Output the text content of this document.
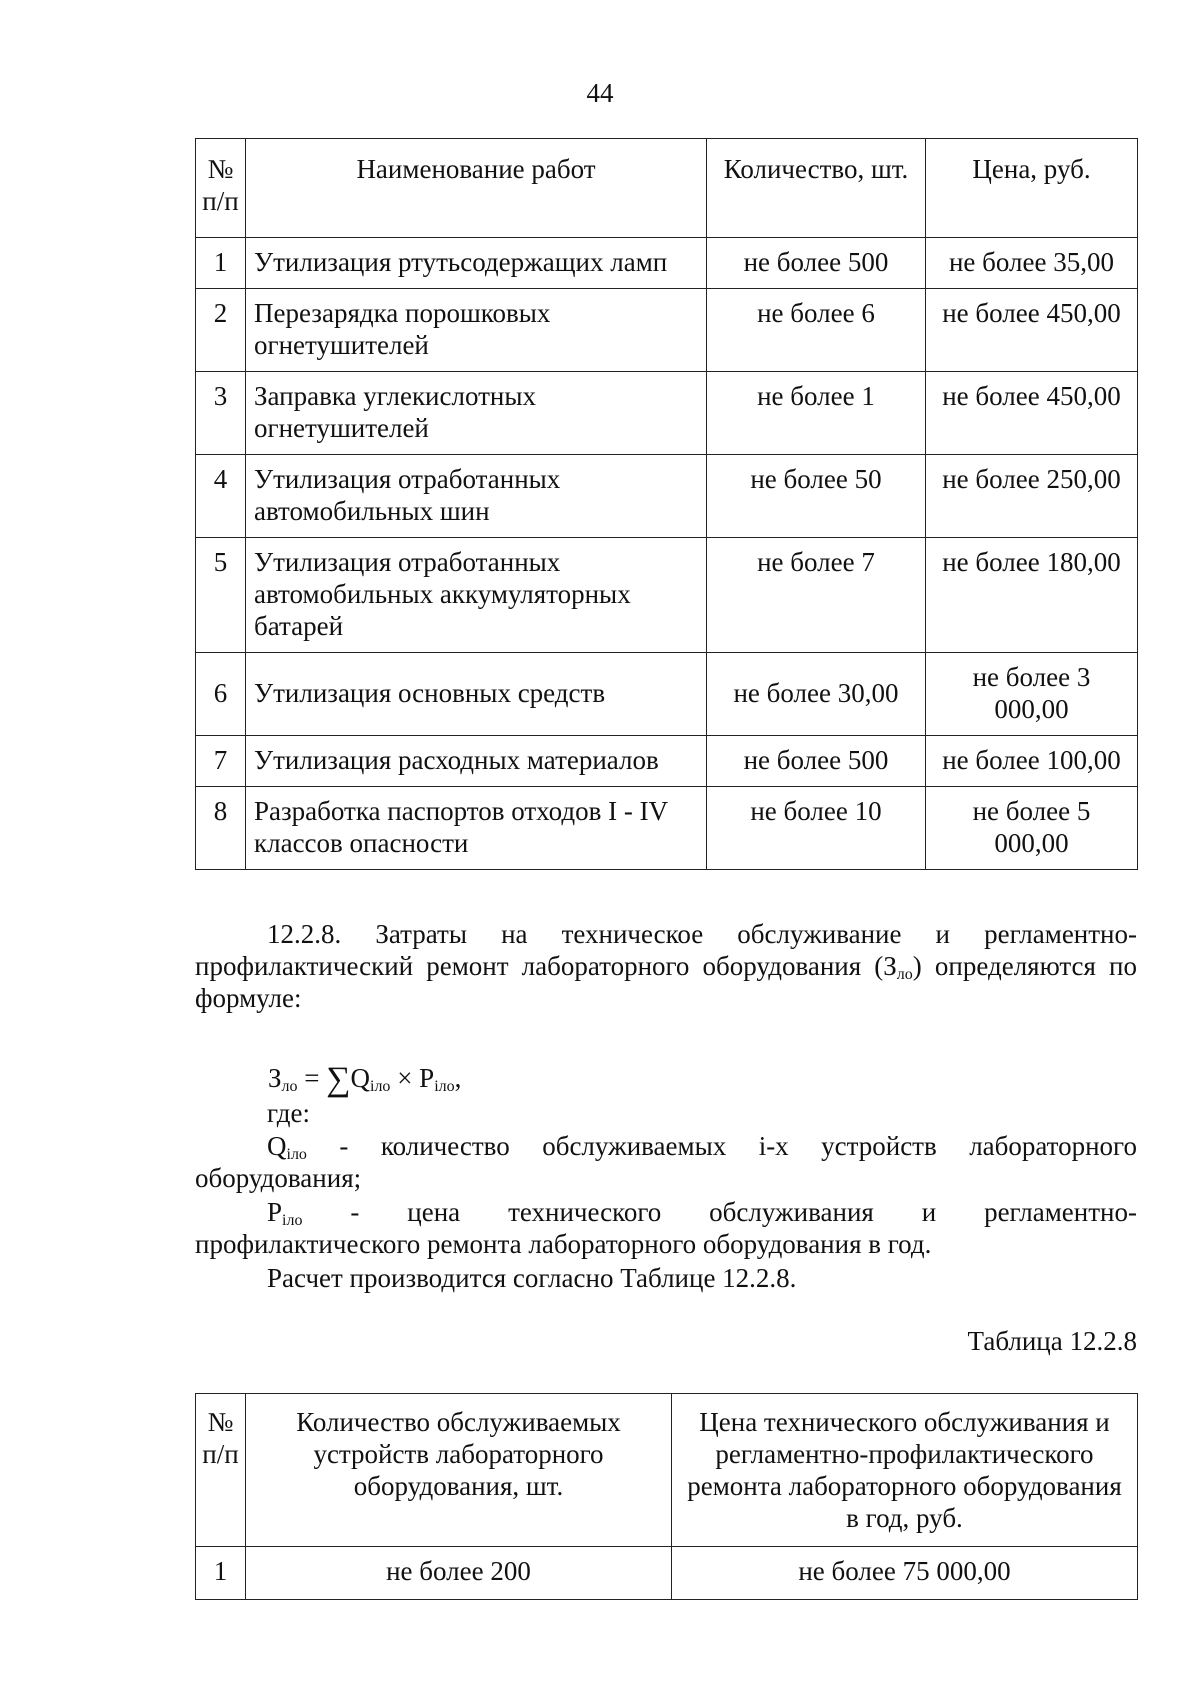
44
№ п/п	Наименование работ	Количество, шт.	Цена, руб.
1	Утилизация ртутьсодержащих ламп	не более 500	не более 35,00
2	Перезарядка порошковых огнетушителей	не более 6	не более 450,00
3	Заправка углекислотных огнетушителей	не более 1	не более 450,00
4	Утилизация отработанных автомобильных шин	не более 50	не более 250,00
5	Утилизация отработанных автомобильных аккумуляторных батарей	не более 7	не более 180,00
6	Утилизация основных средств	не более 30,00	не более 3 000,00
7	Утилизация расходных материалов	не более 500	не более 100,00
8	Разработка паспортов отходов I - IV классов опасности	не более 10	не более 5 000,00
12.2.8. Затраты на техническое обслуживание и регламентно-профилактический ремонт лабораторного оборудования $(З_{ло})$ определяются по формуле:
$З_{ло} = \sum Q_{iло} \times P_{iло}$,
где:
$Q_{iло}$ - количество обслуживаемых i-х устройств лабораторного
оборудования;
$P_{iло}$ - цена технического обслуживания и регламентно-
профилактического ремонта лабораторного оборудования в год.
Расчет производится согласно Таблице 12.2.8.
Таблица 12.2.8
№ п/п	Количество обслуживаемых устройств лабораторного оборудования, шт.	Цена технического обслуживания и регламентно-профилактического ремонта лабораторного оборудования в год, руб.
1	не более 200	не более 75 000,00
